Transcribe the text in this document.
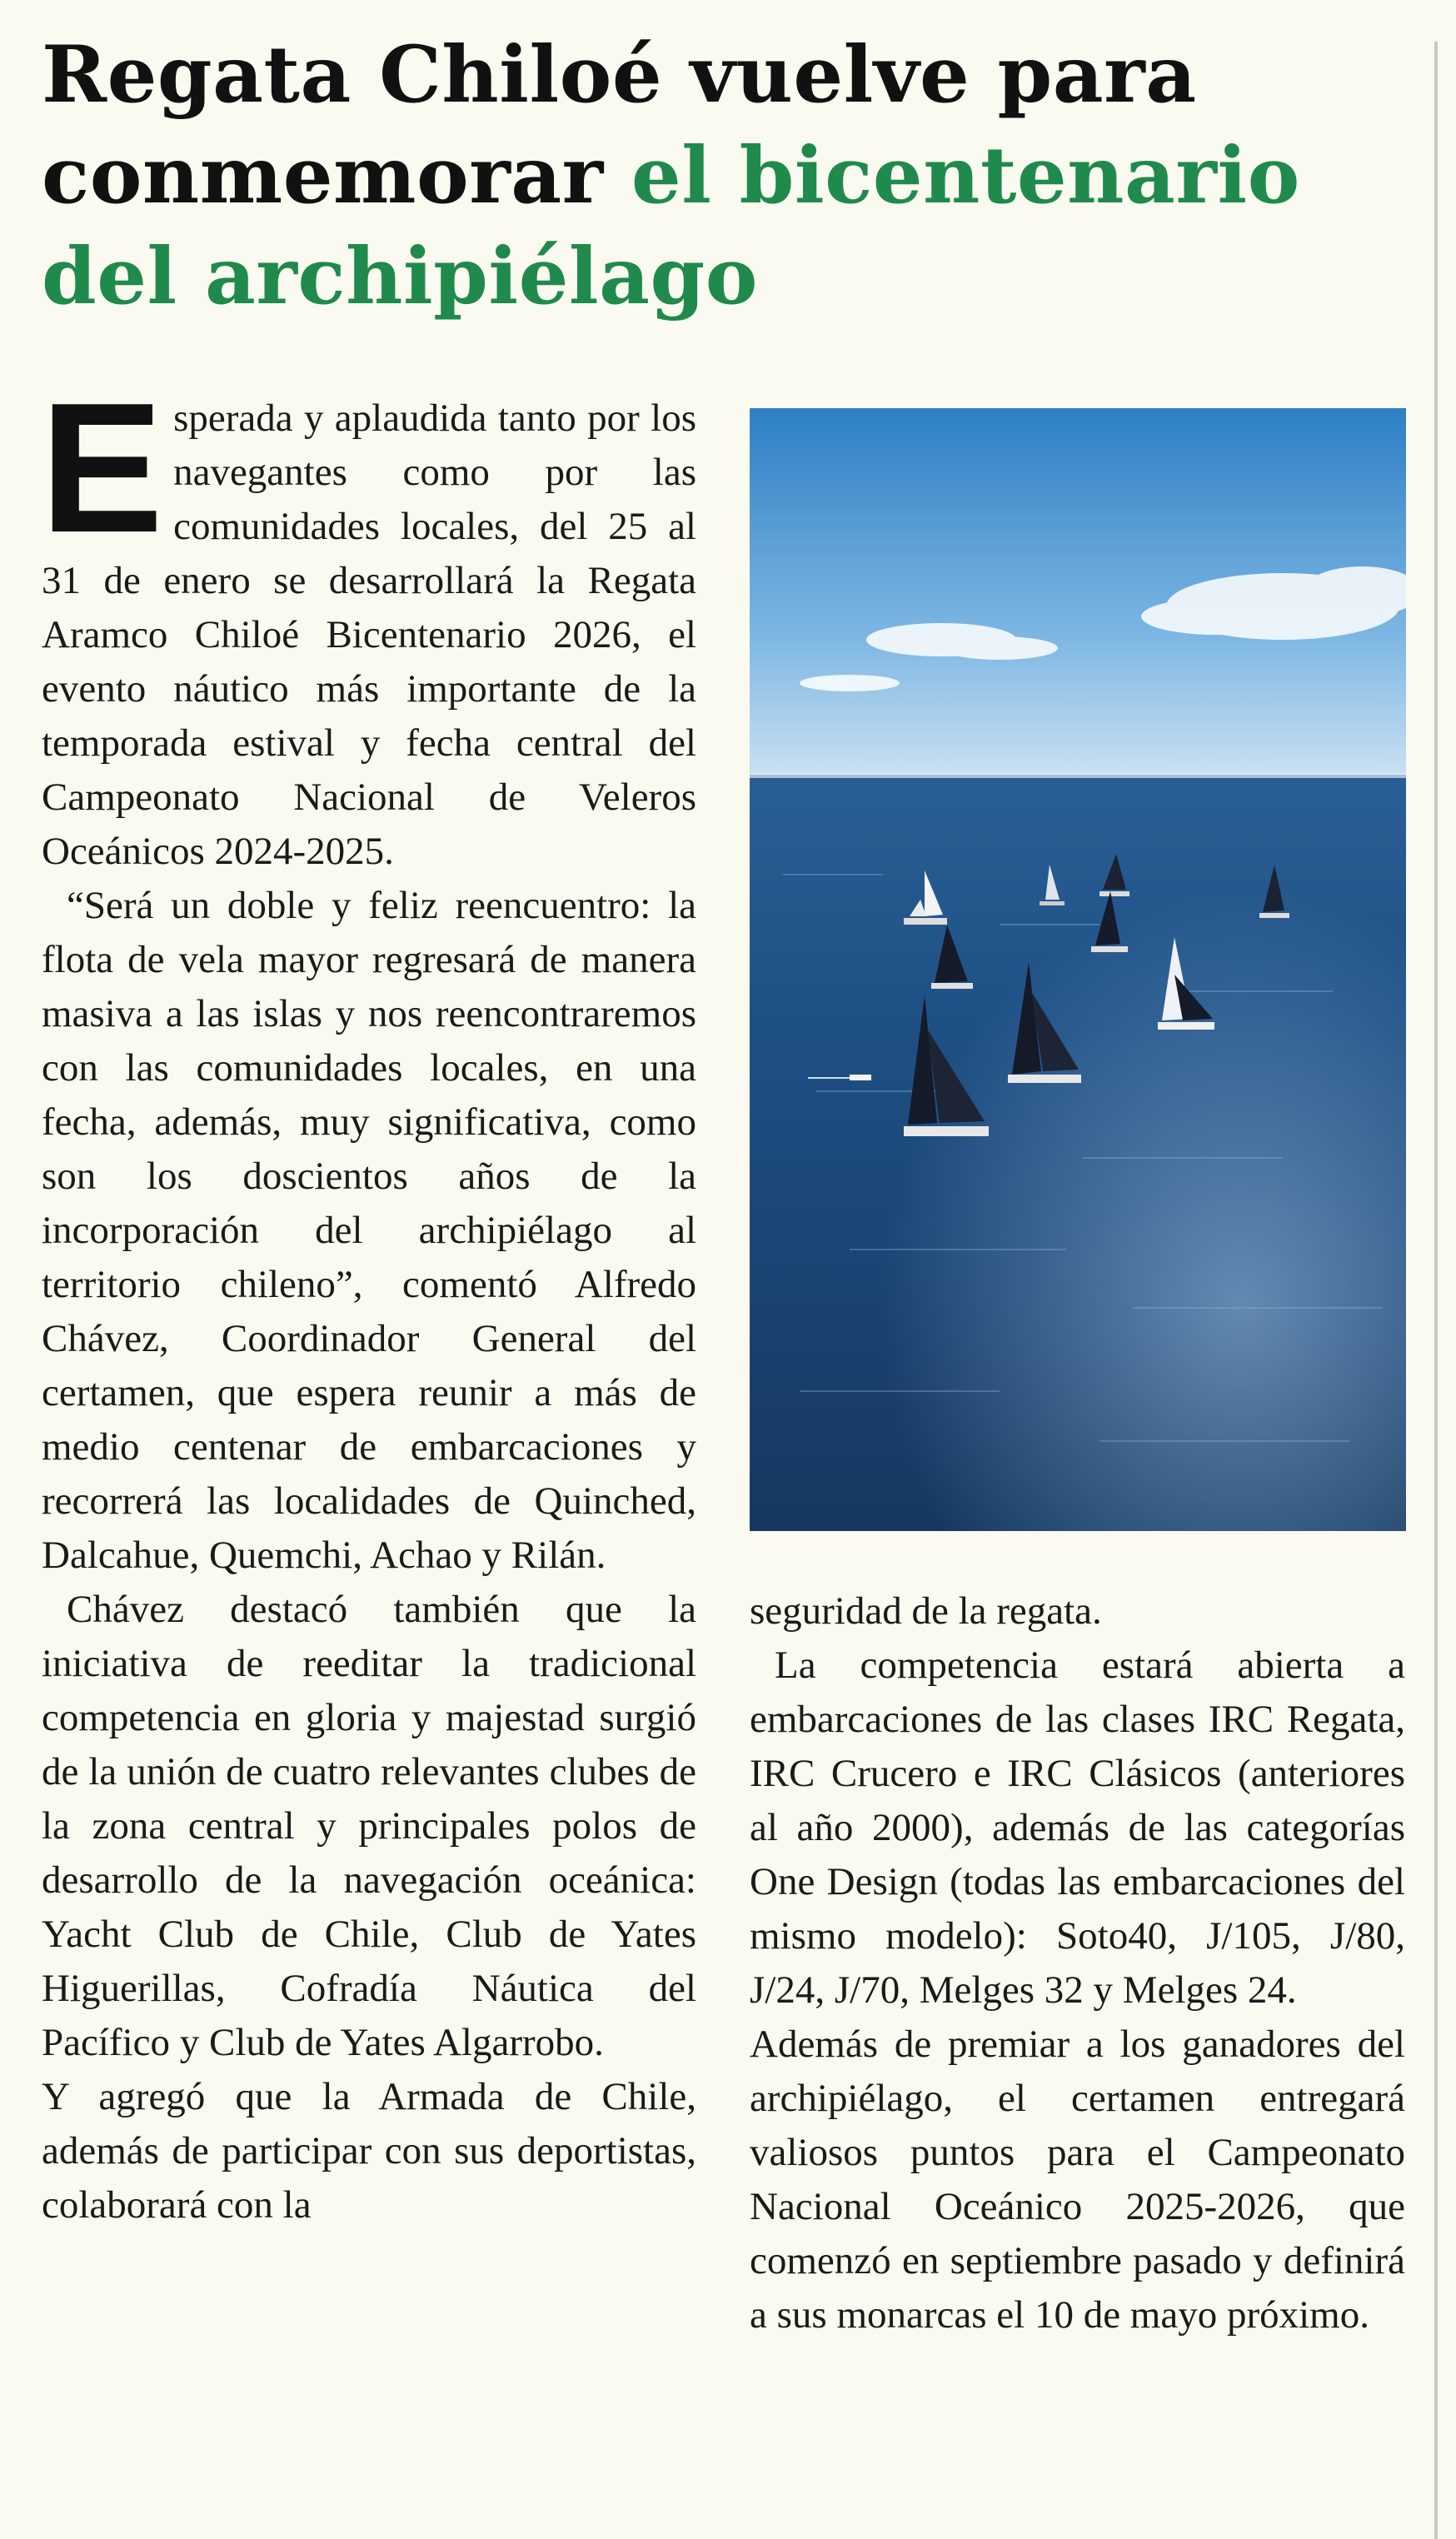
Regata Chiloé vuelve para conmemorar el bicentenario del archipiélago

Esperada y aplaudida tanto por los navegantes como por las comunidades locales, del 25 al 31 de enero se desarrollará la Regata Aramco Chiloé Bicentenario 2026, el evento náutico más importante de la temporada estival y fecha central del Campeonato Nacional de Veleros Oceánicos 2024-2025.

“Será un doble y feliz reencuentro: la flota de vela mayor regresará de manera masiva a las islas y nos reencontraremos con las comunidades locales, en una fecha, además, muy significativa, como son los doscientos años de la incorporación del archipiélago al territorio chileno”, comentó Alfredo Chávez, Coordinador General del certamen, que espera reunir a más de medio centenar de embarcaciones y recorrerá las localidades de Quinched, Dalcahue, Quemchi, Achao y Rilán.

Chávez destacó también que la iniciativa de reeditar la tradicional competencia en gloria y majestad surgió de la unión de cuatro relevantes clubes de la zona central y principales polos de desarrollo de la navegación oceánica: Yacht Club de Chile, Club de Yates Higuerillas, Cofradía Náutica del Pacífico y Club de Yates Algarrobo.

Y agregó que la Armada de Chile, además de participar con sus deportistas, colaborará con la

seguridad de la regata.

La competencia estará abierta a embarcaciones de las clases IRC Regata, IRC Crucero e IRC Clásicos (anteriores al año 2000), además de las categorías One Design (todas las embarcaciones del mismo modelo): Soto40, J/105, J/80, J/24, J/70, Melges 32 y Melges 24.

Además de premiar a los ganadores del archipiélago, el certamen entregará valiosos puntos para el Campeonato Nacional Oceánico 2025-2026, que comenzó en septiembre pasado y definirá a sus monarcas el 10 de mayo próximo.
